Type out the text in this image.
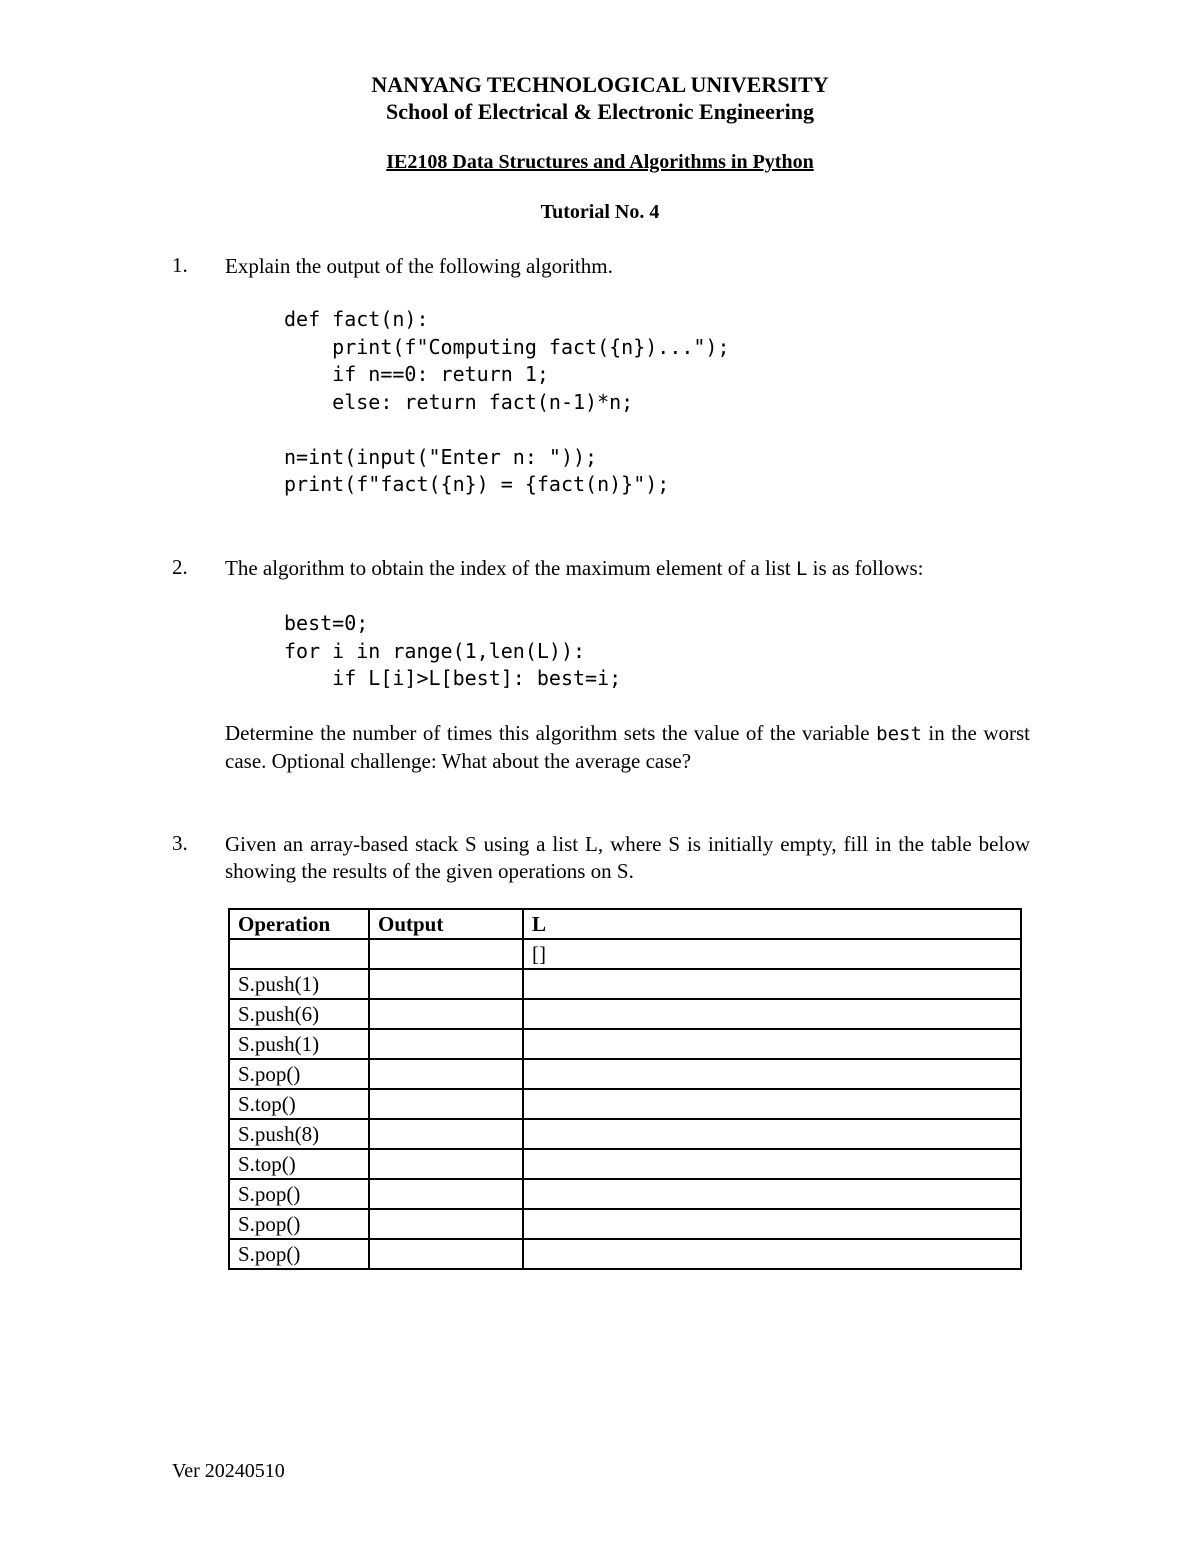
NANYANG TECHNOLOGICAL UNIVERSITY
School of Electrical & Electronic Engineering
IE2108 Data Structures and Algorithms in Python
Tutorial No. 4
1. Explain the output of the following algorithm.
def fact(n):
print(f"Computing fact({n})...");
if n==0: return 1;
else: return fact(n-1)*n;

n=int(input("Enter n: "));
print(f"fact({n}) = {fact(n)}");
2. The algorithm to obtain the index of the maximum element of a list L is as follows:
best=0;
for i in range(1,len(L)):
if L[i]>L[best]: best=i;
Determine the number of times this algorithm sets the value of the variable best in the worst case. Optional challenge: What about the average case?
3. Given an array-based stack S using a list L, where S is initially empty, fill in the table below showing the results of the given operations on S.
Operation	Output	L
		[]
S.push(1)		
S.push(6)		
S.push(1)		
S.pop()		
S.top()		
S.push(8)		
S.top()		
S.pop()		
S.pop()		
S.pop()		
Ver 20240510
